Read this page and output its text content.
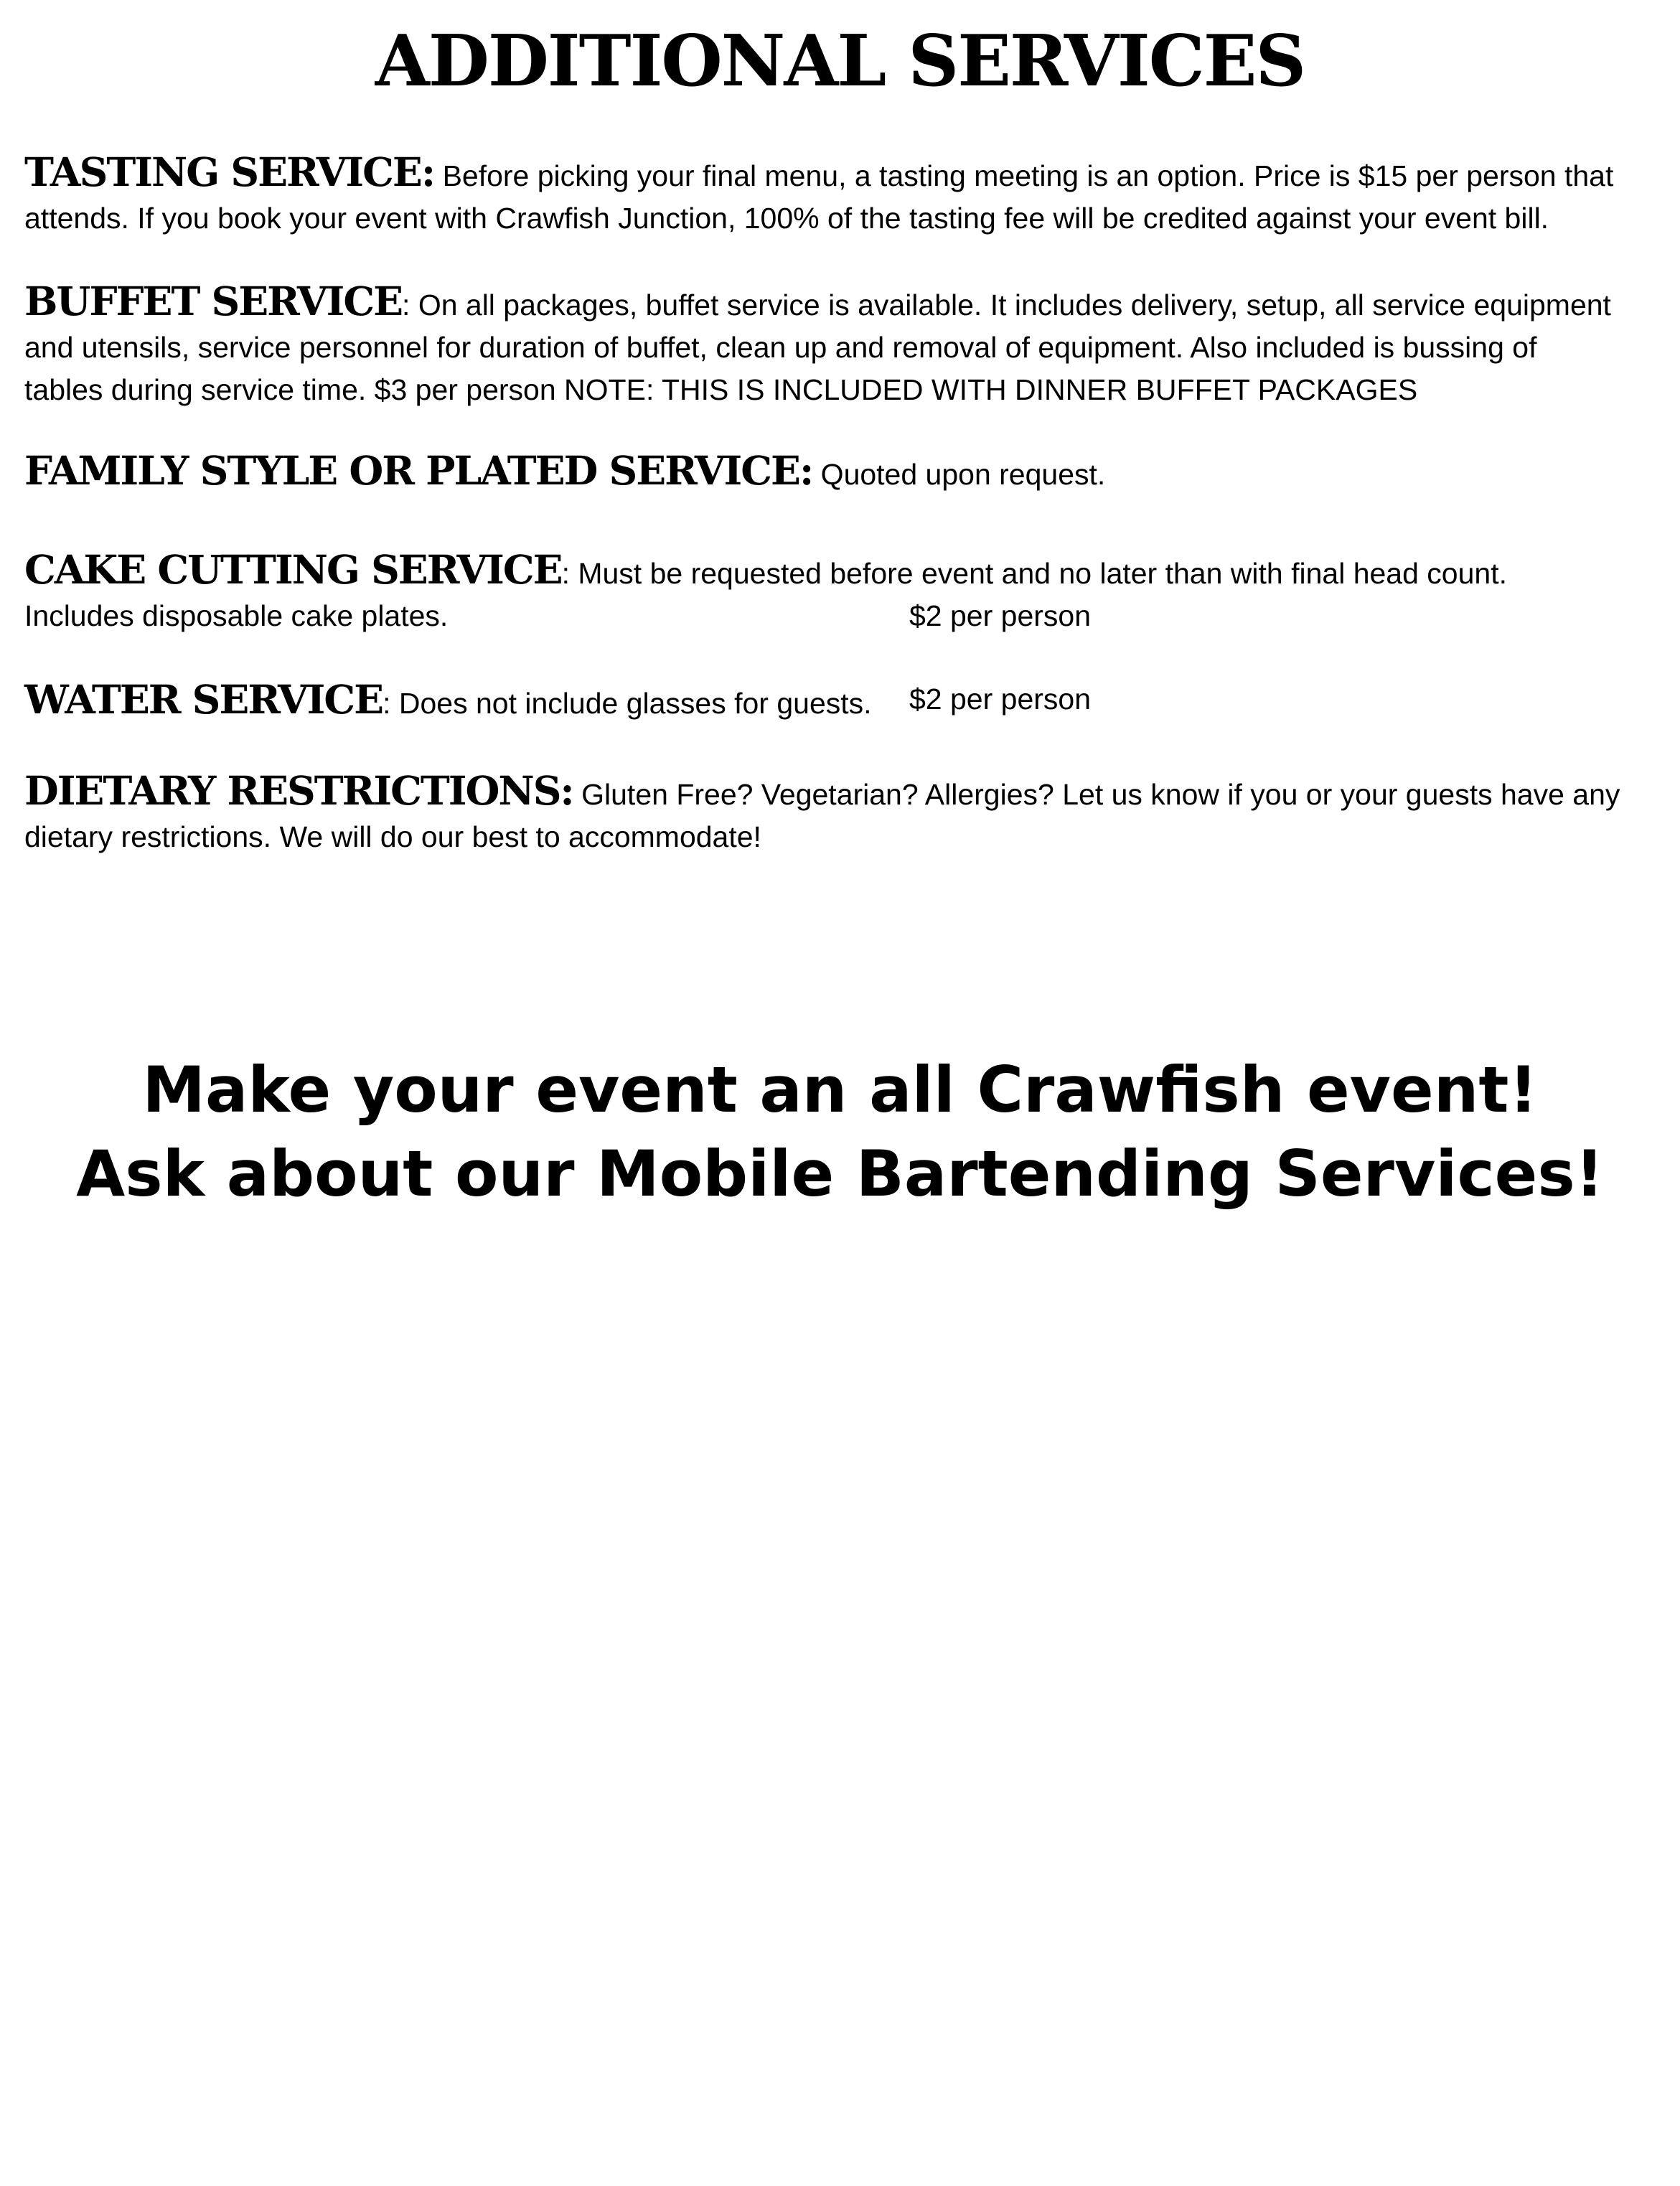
ADDITIONAL SERVICES
TASTING SERVICE: Before picking your final menu, a tasting meeting is an option. Price is $15 per person that
attends. If you book your event with Crawfish Junction, 100% of the tasting fee will be credited against your event bill.
BUFFET SERVICE: On all packages, buffet service is available. It includes delivery, setup, all service equipment
and utensils, service personnel for duration of buffet, clean up and removal of equipment. Also included is bussing of
tables during service time. $3 per person NOTE: THIS IS INCLUDED WITH DINNER BUFFET PACKAGES
FAMILY STYLE OR PLATED SERVICE: Quoted upon request.
CAKE CUTTING SERVICE: Must be requested before event and no later than with final head count.
Includes disposable cake plates.	$2 per person
WATER SERVICE: Does not include glasses for guests. $2 per person
DIETARY RESTRICTIONS: Gluten Free? Vegetarian? Allergies? Let us know if you or your guests have any
dietary restrictions. We will do our best to accommodate!
Make your event an all Crawfish event!
Ask about our Mobile Bartending Services!
